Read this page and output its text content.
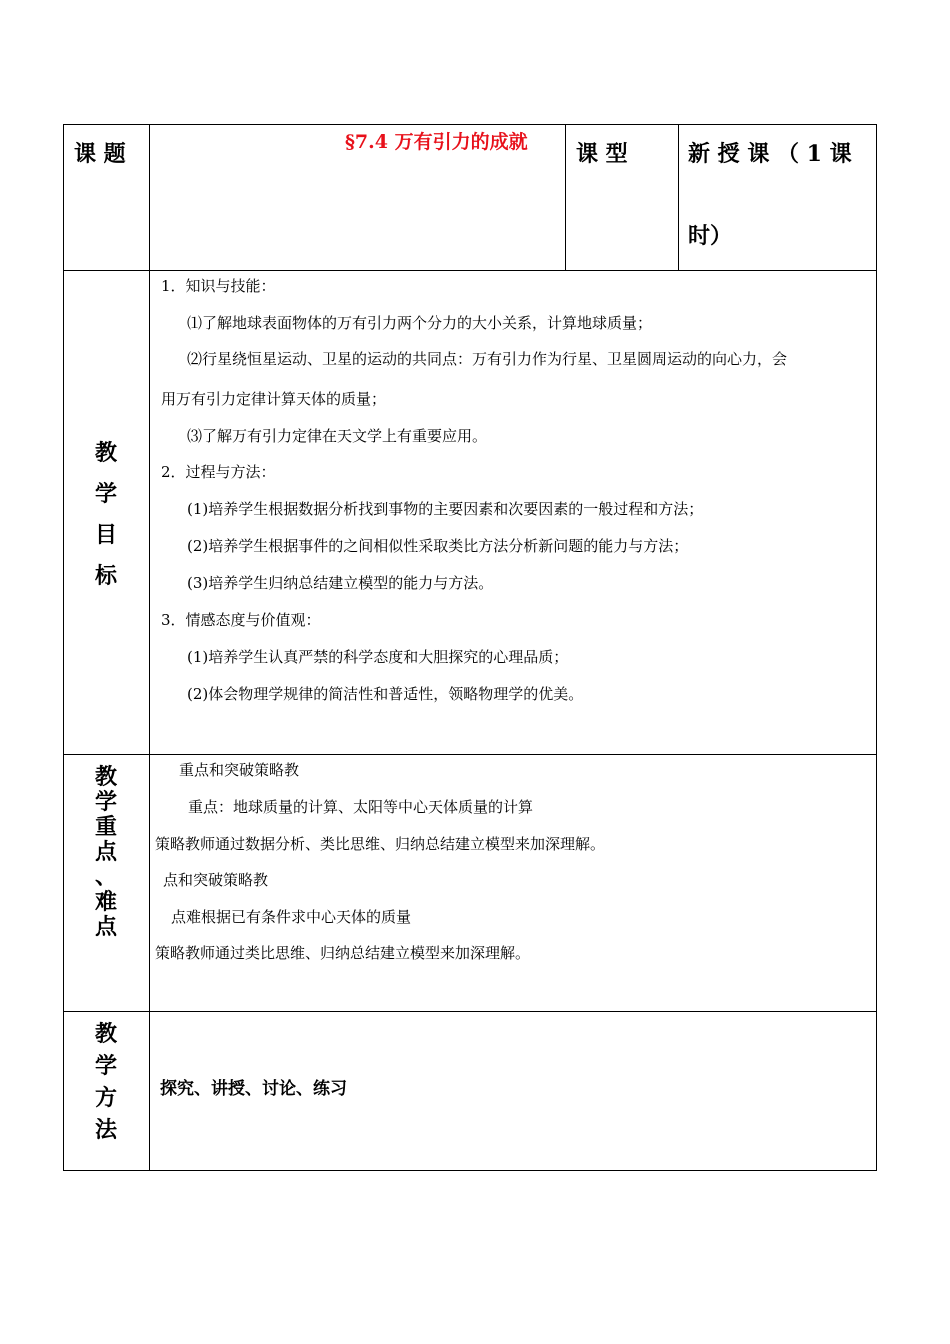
课 题	§7.4 万有引力的成就 课 型	新 授 课 （ 1 课
时）
教
学
目
标
1．知识与技能：
⑴了解地球表面物体的万有引力两个分力的大小关系，计算地球质量；
⑵行星绕恒星运动、卫星的运动的共同点：万有引力作为行星、卫星圆周运动的向心力，会
用万有引力定律计算天体的质量；
⑶了解万有引力定律在天文学上有重要应用。
2．过程与方法：
(1)培养学生根据数据分析找到事物的主要因素和次要因素的一般过程和方法；
(2)培养学生根据事件的之间相似性采取类比方法分析新问题的能力与方法；
(3)培养学生归纳总结建立模型的能力与方法。
3．情感态度与价值观：
(1)培养学生认真严禁的科学态度和大胆探究的心理品质；
(2)体会物理学规律的简洁性和普适性，领略物理学的优美。
教
学
重
点
、
难
点
重点和突破策略教
重点：地球质量的计算、太阳等中心天体质量的计算
策略教师通过数据分析、类比思维、归纳总结建立模型来加深理解。
点和突破策略教
点难根据已有条件求中心天体的质量
策略教师通过类比思维、归纳总结建立模型来加深理解。
教
学
方
法
探究、讲授、讨论、练习
